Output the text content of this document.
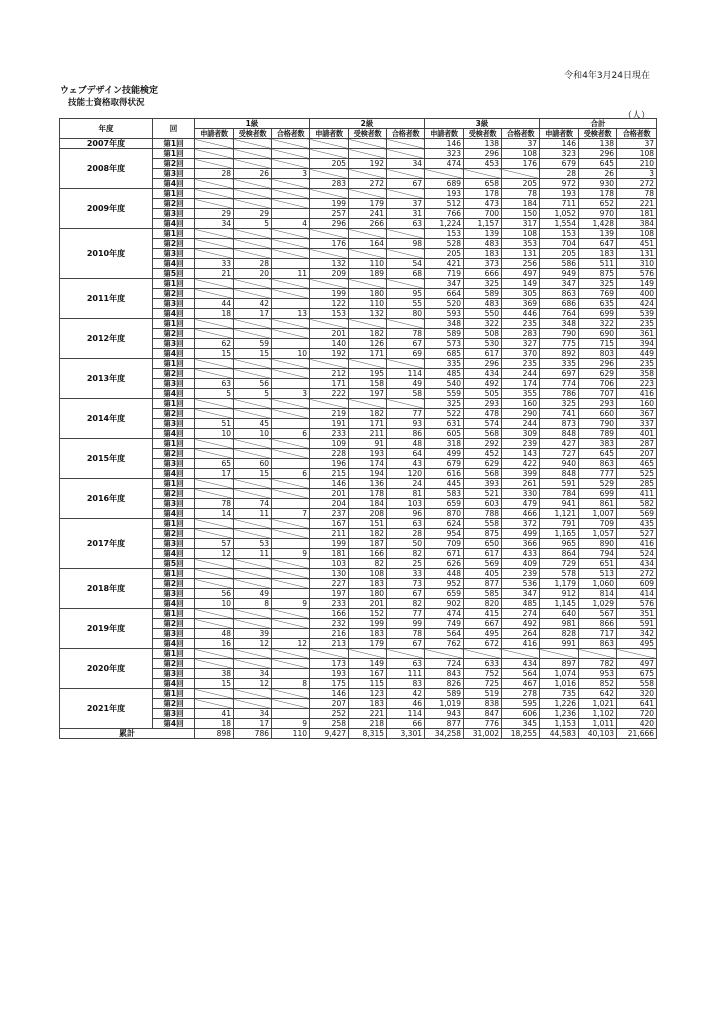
令和4年3月24日現在
ウェブデザイン技能検定
技能士資格取得状況
（人）
年度	回	1級			2級			3級			合計		
		申請者数	受検者数	合格者数	申請者数	受検者数	合格者数	申請者数	受検者数	合格者数	申請者数	受検者数	合格者数
2007年度	第1回							146	138	37	146	138	37
2008年度	第1回							323	296	108	323	296	108
	第2回				205	192	34	474	453	176	679	645	210
	第3回	28	26	3							28	26	3
	第4回				283	272	67	689	658	205	972	930	272
2009年度	第1回							193	178	78	193	178	78
	第2回				199	179	37	512	473	184	711	652	221
	第3回	29	29		257	241	31	766	700	150	1,052	970	181
	第4回	34	5	4	296	266	63	1,224	1,157	317	1,554	1,428	384
2010年度	第1回							153	139	108	153	139	108
	第2回				176	164	98	528	483	353	704	647	451
	第3回							205	183	131	205	183	131
	第4回	33	28		132	110	54	421	373	256	586	511	310
	第5回	21	20	11	209	189	68	719	666	497	949	875	576
2011年度	第1回							347	325	149	347	325	149
	第2回				199	180	95	664	589	305	863	769	400
	第3回	44	42		122	110	55	520	483	369	686	635	424
	第4回	18	17	13	153	132	80	593	550	446	764	699	539
2012年度	第1回							348	322	235	348	322	235
	第2回				201	182	78	589	508	283	790	690	361
	第3回	62	59		140	126	67	573	530	327	775	715	394
	第4回	15	15	10	192	171	69	685	617	370	892	803	449
2013年度	第1回							335	296	235	335	296	235
	第2回				212	195	114	485	434	244	697	629	358
	第3回	63	56		171	158	49	540	492	174	774	706	223
	第4回	5	5	3	222	197	58	559	505	355	786	707	416
2014年度	第1回							325	293	160	325	293	160
	第2回				219	182	77	522	478	290	741	660	367
	第3回	51	45		191	171	93	631	574	244	873	790	337
	第4回	10	10	6	233	211	86	605	568	309	848	789	401
2015年度	第1回				109	91	48	318	292	239	427	383	287
	第2回				228	193	64	499	452	143	727	645	207
	第3回	65	60		196	174	43	679	629	422	940	863	465
	第4回	17	15	6	215	194	120	616	568	399	848	777	525
2016年度	第1回				146	136	24	445	393	261	591	529	285
	第2回				201	178	81	583	521	330	784	699	411
	第3回	78	74		204	184	103	659	603	479	941	861	582
	第4回	14	11	7	237	208	96	870	788	466	1,121	1,007	569
2017年度	第1回				167	151	63	624	558	372	791	709	435
	第2回				211	182	28	954	875	499	1,165	1,057	527
	第3回	57	53		199	187	50	709	650	366	965	890	416
	第4回	12	11	9	181	166	82	671	617	433	864	794	524
	第5回				103	82	25	626	569	409	729	651	434
2018年度	第1回				130	108	33	448	405	239	578	513	272
	第2回				227	183	73	952	877	536	1,179	1,060	609
	第3回	56	49		197	180	67	659	585	347	912	814	414
	第4回	10	8	9	233	201	82	902	820	485	1,145	1,029	576
2019年度	第1回				166	152	77	474	415	274	640	567	351
	第2回				232	199	99	749	667	492	981	866	591
	第3回	48	39		216	183	78	564	495	264	828	717	342
	第4回	16	12	12	213	179	67	762	672	416	991	863	495
2020年度	第1回												
	第2回				173	149	63	724	633	434	897	782	497
	第3回	38	34		193	167	111	843	752	564	1,074	953	675
	第4回	15	12	8	175	115	83	826	725	467	1,016	852	558
2021年度	第1回				146	123	42	589	519	278	735	642	320
	第2回				207	183	46	1,019	838	595	1,226	1,021	641
	第3回	41	34		252	221	114	943	847	606	1,236	1,102	720
	第4回	18	17	9	258	218	66	877	776	345	1,153	1,011	420
累計		898	786	110	9,427	8,315	3,301	34,258	31,002	18,255	44,583	40,103	21,666
